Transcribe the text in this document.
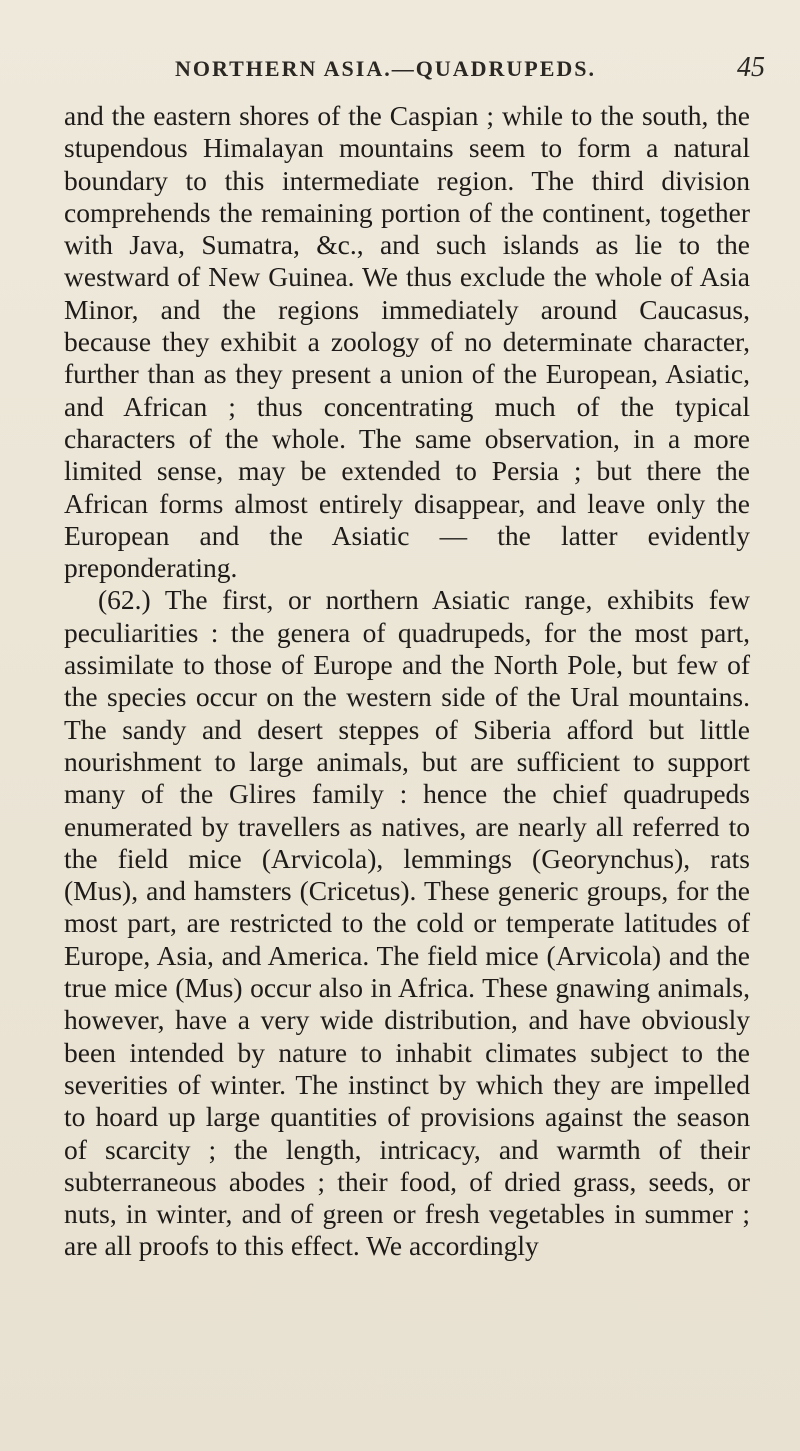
NORTHERN ASIA.—QUADRUPEDS.	45

and the eastern shores of the Caspian ; while to the south, the stupendous Himalayan mountains seem to form a natural boundary to this intermediate region. The third division comprehends the remaining portion of the continent, together with Java, Sumatra, &c., and such islands as lie to the westward of New Guinea. We thus exclude the whole of Asia Minor, and the regions immediately around Caucasus, because they exhibit a zoology of no determinate character, further than as they present a union of the European, Asiatic, and African ; thus concentrating much of the typical characters of the whole. The same observation, in a more limited sense, may be extended to Persia ; but there the African forms almost entirely disappear, and leave only the European and the Asiatic — the latter evidently preponderating.

(62.) The first, or northern Asiatic range, exhibits few peculiarities : the genera of quadrupeds, for the most part, assimilate to those of Europe and the North Pole, but few of the species occur on the western side of the Ural mountains. The sandy and desert steppes of Siberia afford but little nourishment to large animals, but are sufficient to support many of the Glires family : hence the chief quadrupeds enumerated by travellers as natives, are nearly all referred to the field mice (Arvicola), lemmings (Georynchus), rats (Mus), and hamsters (Cricetus). These generic groups, for the most part, are restricted to the cold or temperate latitudes of Europe, Asia, and America. The field mice (Arvicola) and the true mice (Mus) occur also in Africa. These gnawing animals, however, have a very wide distribution, and have obviously been intended by nature to inhabit climates subject to the severities of winter. The instinct by which they are impelled to hoard up large quantities of provisions against the season of scarcity ; the length, intricacy, and warmth of their subterraneous abodes ; their food, of dried grass, seeds, or nuts, in winter, and of green or fresh vegetables in summer ; are all proofs to this effect. We accordingly
